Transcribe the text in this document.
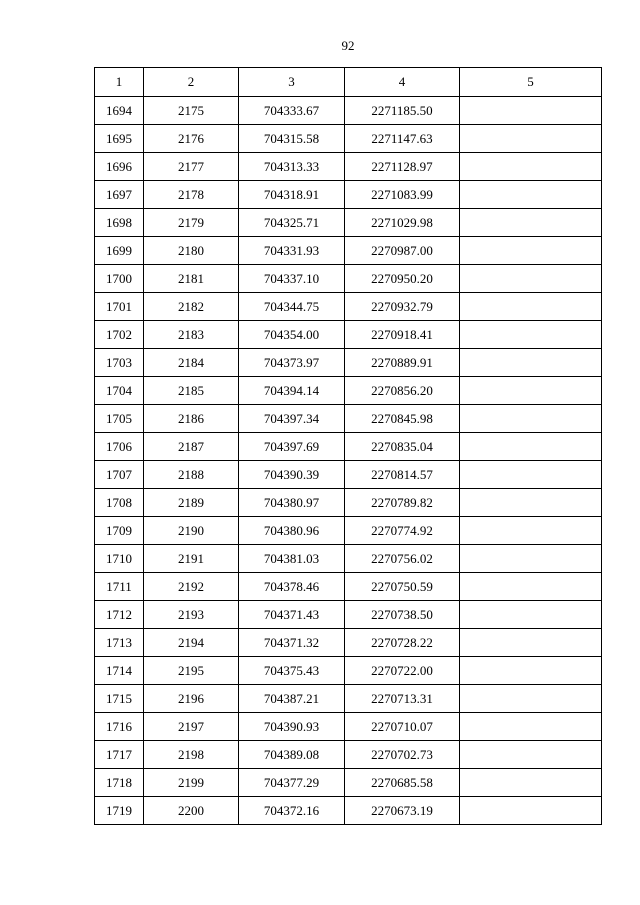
92
1	2	3	4	5
1694	2175	704333.67	2271185.50	
1695	2176	704315.58	2271147.63	
1696	2177	704313.33	2271128.97	
1697	2178	704318.91	2271083.99	
1698	2179	704325.71	2271029.98	
1699	2180	704331.93	2270987.00	
1700	2181	704337.10	2270950.20	
1701	2182	704344.75	2270932.79	
1702	2183	704354.00	2270918.41	
1703	2184	704373.97	2270889.91	
1704	2185	704394.14	2270856.20	
1705	2186	704397.34	2270845.98	
1706	2187	704397.69	2270835.04	
1707	2188	704390.39	2270814.57	
1708	2189	704380.97	2270789.82	
1709	2190	704380.96	2270774.92	
1710	2191	704381.03	2270756.02	
1711	2192	704378.46	2270750.59	
1712	2193	704371.43	2270738.50	
1713	2194	704371.32	2270728.22	
1714	2195	704375.43	2270722.00	
1715	2196	704387.21	2270713.31	
1716	2197	704390.93	2270710.07	
1717	2198	704389.08	2270702.73	
1718	2199	704377.29	2270685.58	
1719	2200	704372.16	2270673.19	
